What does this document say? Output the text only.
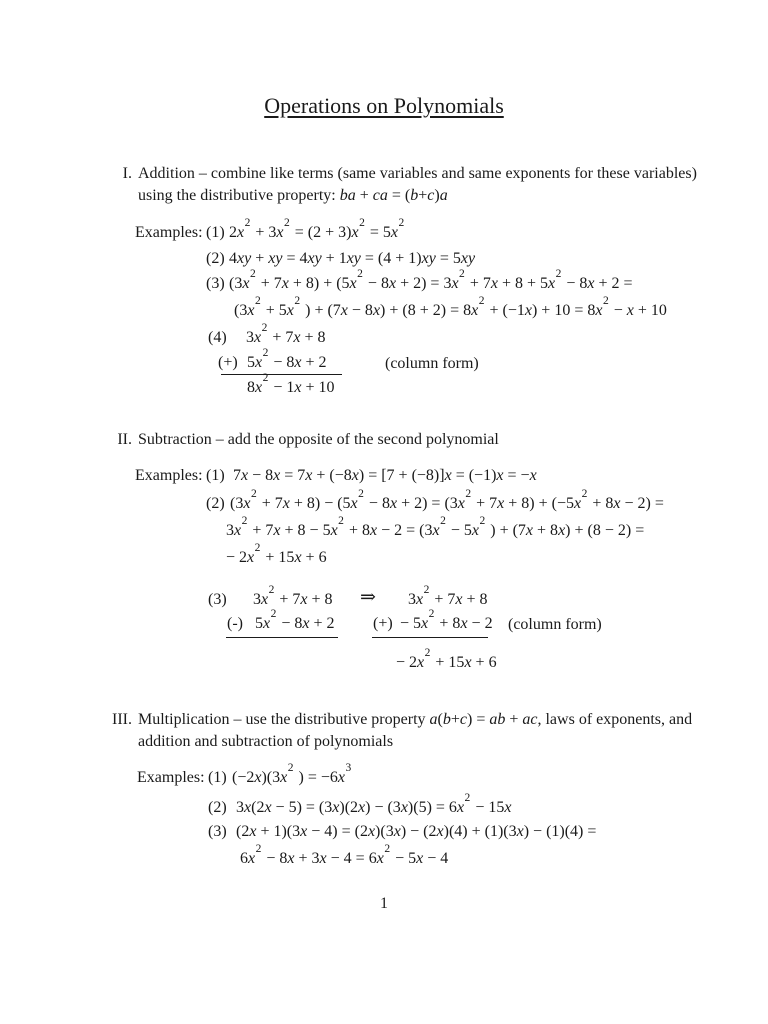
Operations on Polynomials
I. Addition – combine like terms (same variables and same exponents for these variables) using the distributive property: ba + ca = (b+c)a
Examples: (1) $2x^2 + 3x^2 = (2 + 3)x^2 = 5x^2$
(2) 4xy + xy = 4xy + 1xy = (4 + 1)xy = 5xy
(3) $(3x^2 + 7x + 8) + (5x^2 - 8x + 2) = 3x^2 + 7x + 8 + 5x^2 - 8x + 2$ =
($3x^2 + 5x^2$ ) + $(7x - 8x) + (8 + 2) = 8x^2 + (-1x) + 10 = 8x^2 - x + 10$
(4) $3x^2 + 7x + 8$
(+) $5x^2 - 8x + 2$	(column form)
$8x^2 - 1x + 10$
II. Subtraction – add the opposite of the second polynomial
Examples: (1) 7x − 8x = 7x + (−8x) = [7 + (−8)]x = (−1)x = −x
(2) $(3x^2 + 7x + 8) - (5x^2 - 8x + 2) = (3x^2 + 7x + 8) + (-5x^2 + 8x - 2)$ =
$3x^2 + 7x + 8 - 5x^2 + 8x - 2 = (3x^2 - 5x^2$ ) + (7x + 8x) + (8 − 2) =
− $2x^2 + 15x + 6$
(3) $3x^2 + 7x + 8$ ⇒ $3x^2 + 7x + 8$
(-) $5x^2 - 8x + 2$ (+) − $5x^2 + 8x - 2$ (column form)
− $2x^2 + 15x + 6$
III. Multiplication – use the distributive property a(b+c) = ab + ac, laws of exponents, and addition and subtraction of polynomials
Examples: (1) $(-2x)(3x^2$ ) = $-6x^3$
(2) $3x(2x - 5) = (3x)(2x) - (3x)(5) = 6x^2 - 15x$
(3) (2x + 1)(3x − 4) = (2x)(3x) − (2x)(4) + (1)(3x) − (1)(4) =
$6x^2 - 8x + 3x - 4 = 6x^2 - 5x - 4$
1
